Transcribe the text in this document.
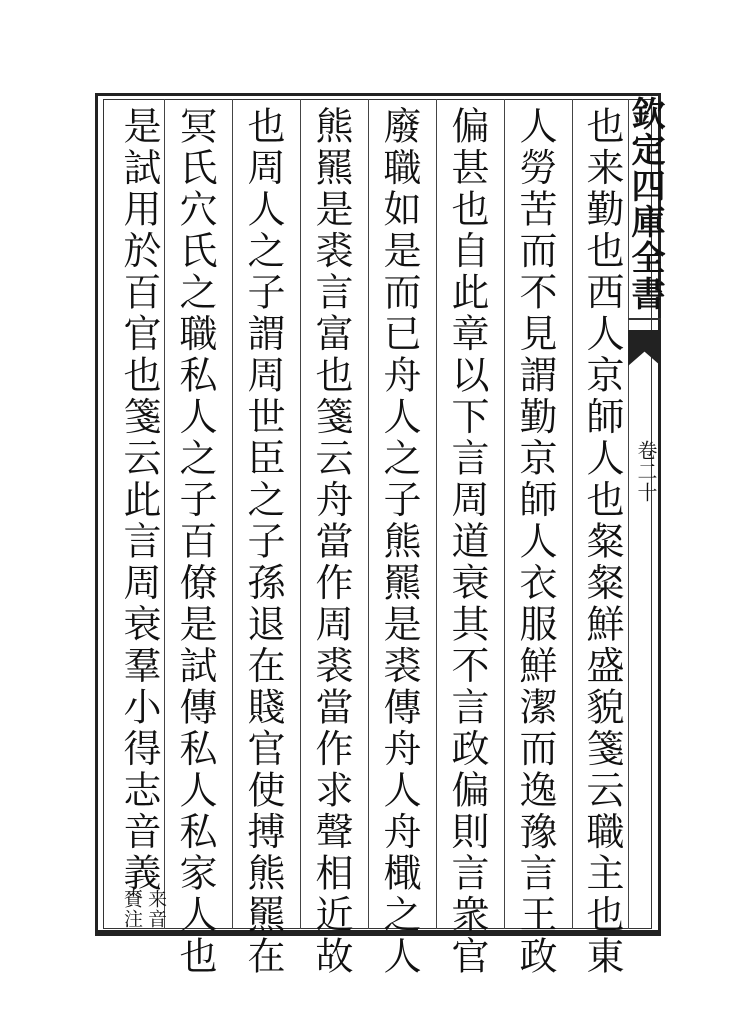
也来勤也西人京師人也粲粲鮮盛貌箋云職主也東
人勞苦而不見謂勤京師人衣服鮮潔而逸豫言王政
偏甚也自此章以下言周道衰其不言政偏則言衆官
廢職如是而已舟人之子熊羆是裘傳舟人舟檝之人
熊羆是裘言富也箋云舟當作周裘當作求聲相近故
也周人之子謂周世臣之子孫退在賤官使搏熊羆在
冥氏穴氏之職私人之子百僚是試傳私人私家人也
是試用於百官也箋云此言周衰羣小得志音義
賚注 来音
欽定四庫全書
卷二十
